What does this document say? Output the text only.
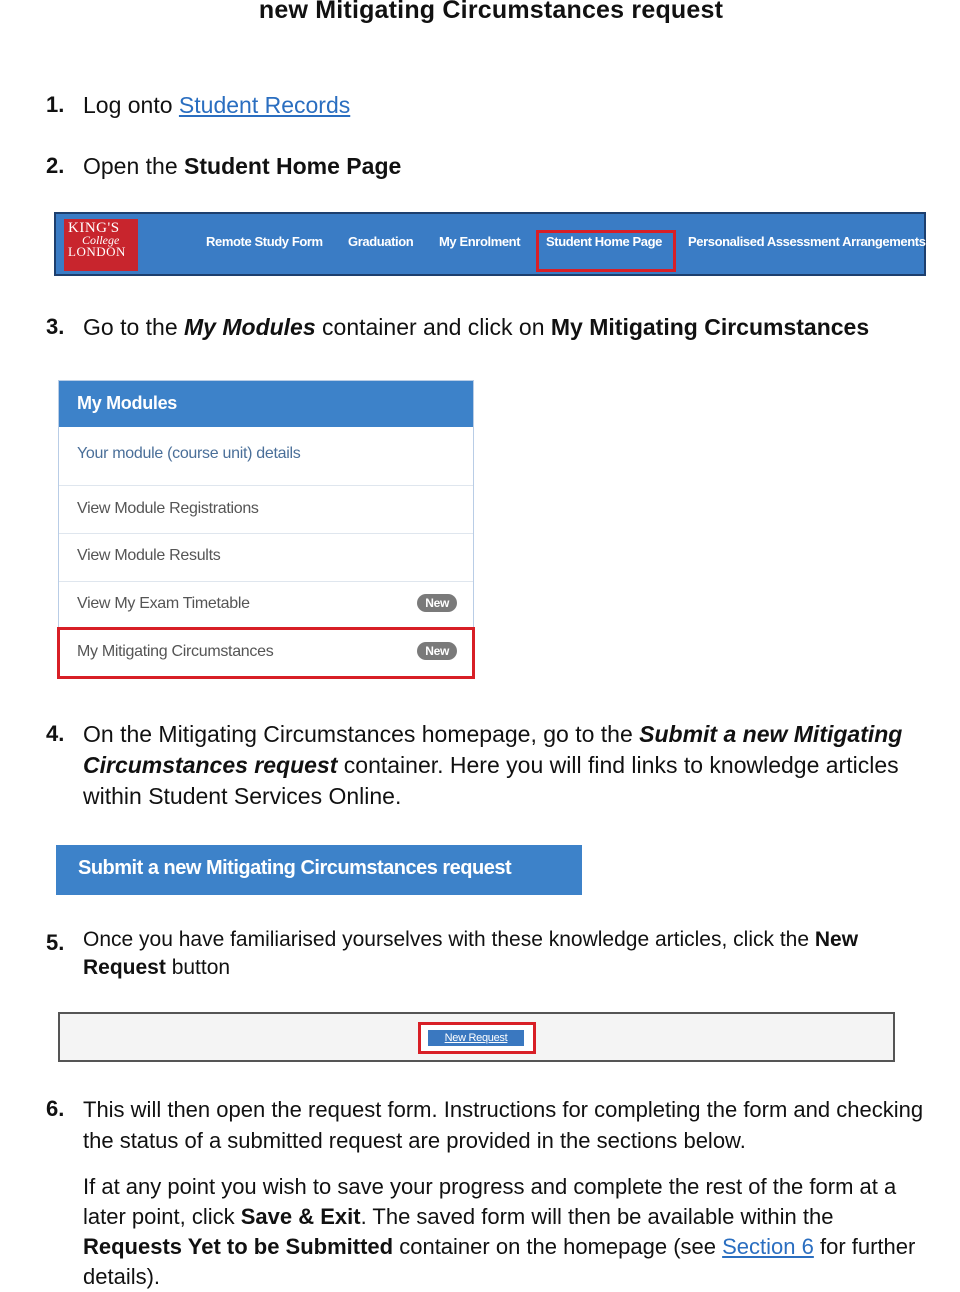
new Mitigating Circumstances request
1. Log onto Student Records
2. Open the Student Home Page
KING'S
College
LONDON
Remote Study Form Graduation My Enrolment Student Home Page Personalised Assessment Arrangements
3. Go to the My Modules container and click on My Mitigating Circumstances
My Modules
Your module (course unit) details
View Module Registrations
View Module Results
View My Exam Timetable	New
My Mitigating Circumstances	New
4. On the Mitigating Circumstances homepage, go to the Submit a new Mitigating Circumstances request container. Here you will find links to knowledge articles within Student Services Online.
Submit a new Mitigating Circumstances request
5. Once you have familiarised yourselves with these knowledge articles, click the New Request button
New Request
6. This will then open the request form. Instructions for completing the form and checking the status of a submitted request are provided in the sections below.
If at any point you wish to save your progress and complete the rest of the form at a later point, click Save & Exit. The saved form will then be available within the Requests Yet to be Submitted container on the homepage (see Section 6 for further details).
